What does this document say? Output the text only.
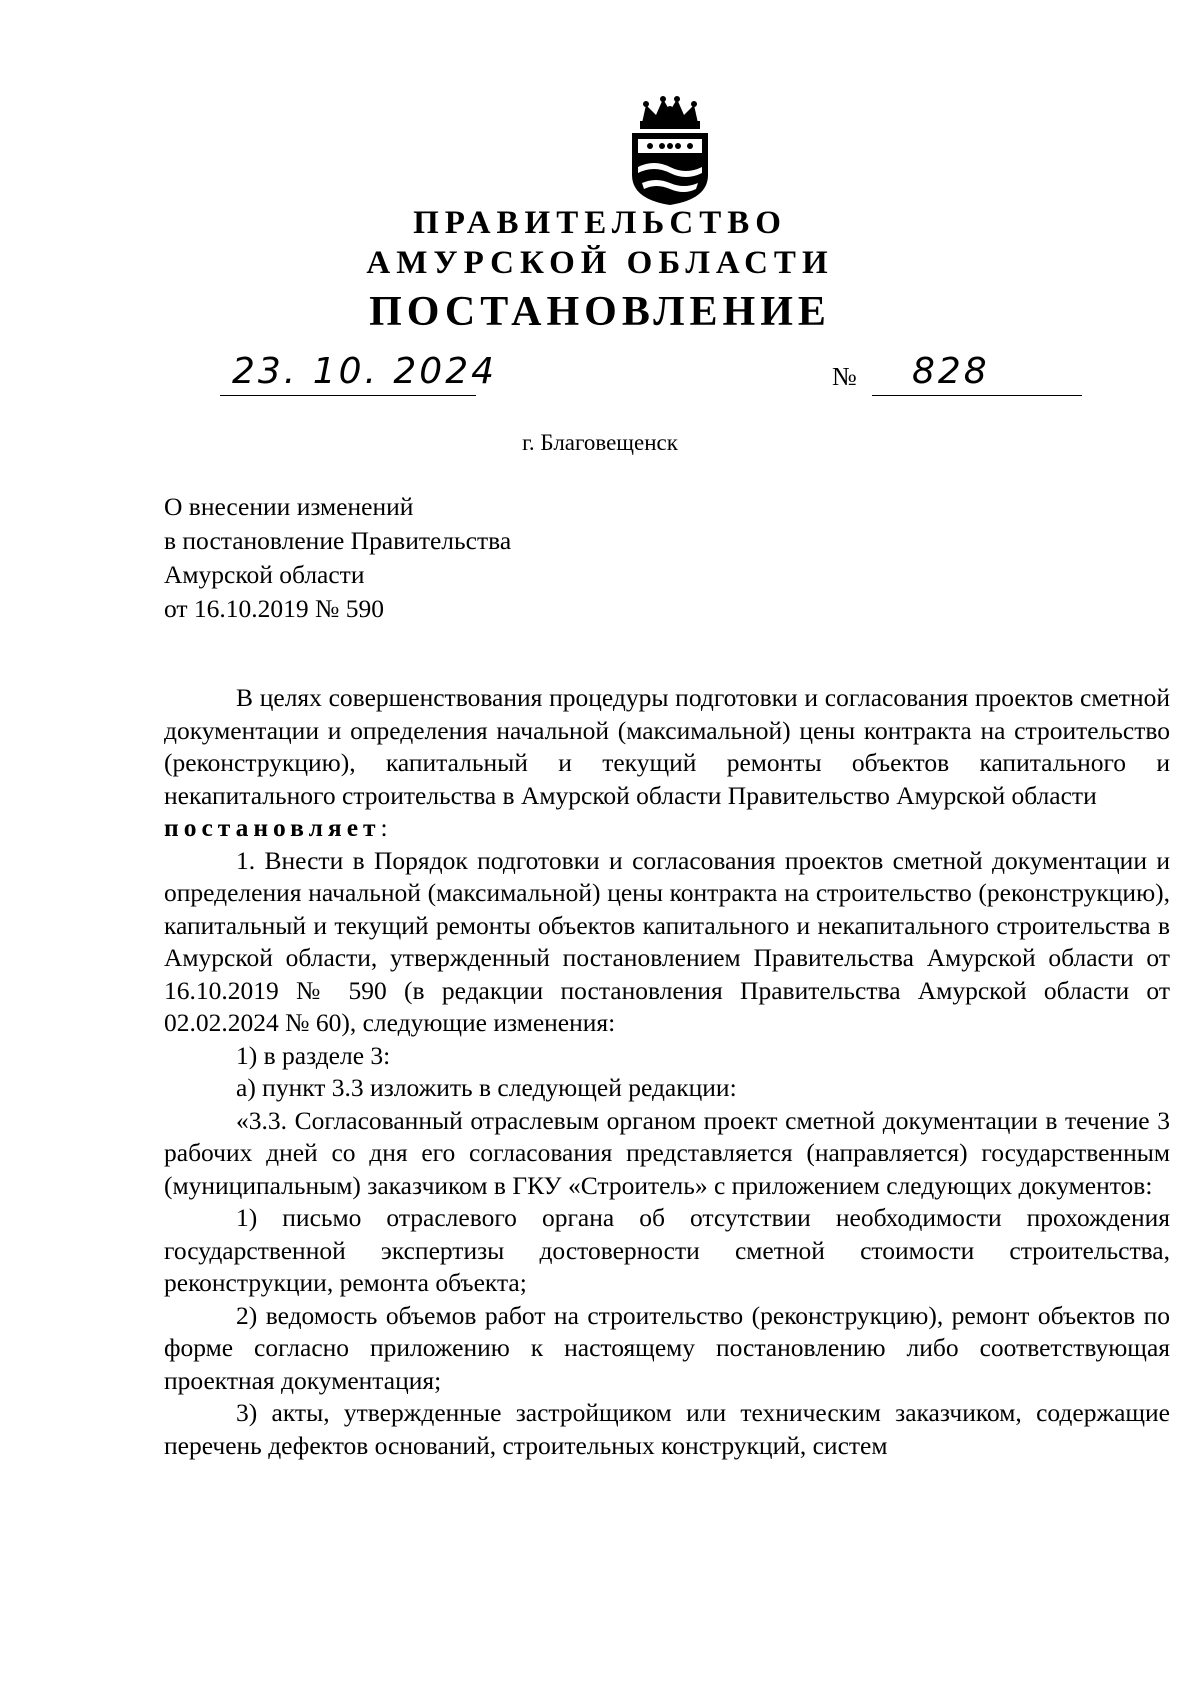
ПРАВИТЕЛЬСТВО
АМУРСКОЙ ОБЛАСТИ
ПОСТАНОВЛЕНИЕ
23. 10. 2024	№	828
г. Благовещенск
О внесении изменений
в постановление Правительства
Амурской области
от 16.10.2019 № 590

В целях совершенствования процедуры подготовки и согласования проектов сметной документации и определения начальной (максимальной) цены контракта на строительство (реконструкцию), капитальный и текущий ремонты объектов капитального и некапитального строительства в Амурской области Правительство Амурской области

постановляет:

1. Внести в Порядок подготовки и согласования проектов сметной документации и определения начальной (максимальной) цены контракта на строительство (реконструкцию), капитальный и текущий ремонты объектов капитального и некапитального строительства в Амурской области, утвержденный постановлением Правительства Амурской области от 16.10.2019 № 590 (в редакции постановления Правительства Амурской области от 02.02.2024 № 60), следующие изменения:

1) в разделе 3:

а) пункт 3.3 изложить в следующей редакции:

«3.3. Согласованный отраслевым органом проект сметной документации в течение 3 рабочих дней со дня его согласования представляется (направляется) государственным (муниципальным) заказчиком в ГКУ «Строитель» с приложением следующих документов:

1) письмо отраслевого органа об отсутствии необходимости прохождения государственной экспертизы достоверности сметной стоимости строительства, реконструкции, ремонта объекта;

2) ведомость объемов работ на строительство (реконструкцию), ремонт объектов по форме согласно приложению к настоящему постановлению либо соответствующая проектная документация;

3) акты, утвержденные застройщиком или техническим заказчиком, содержащие перечень дефектов оснований, строительных конструкций, систем
